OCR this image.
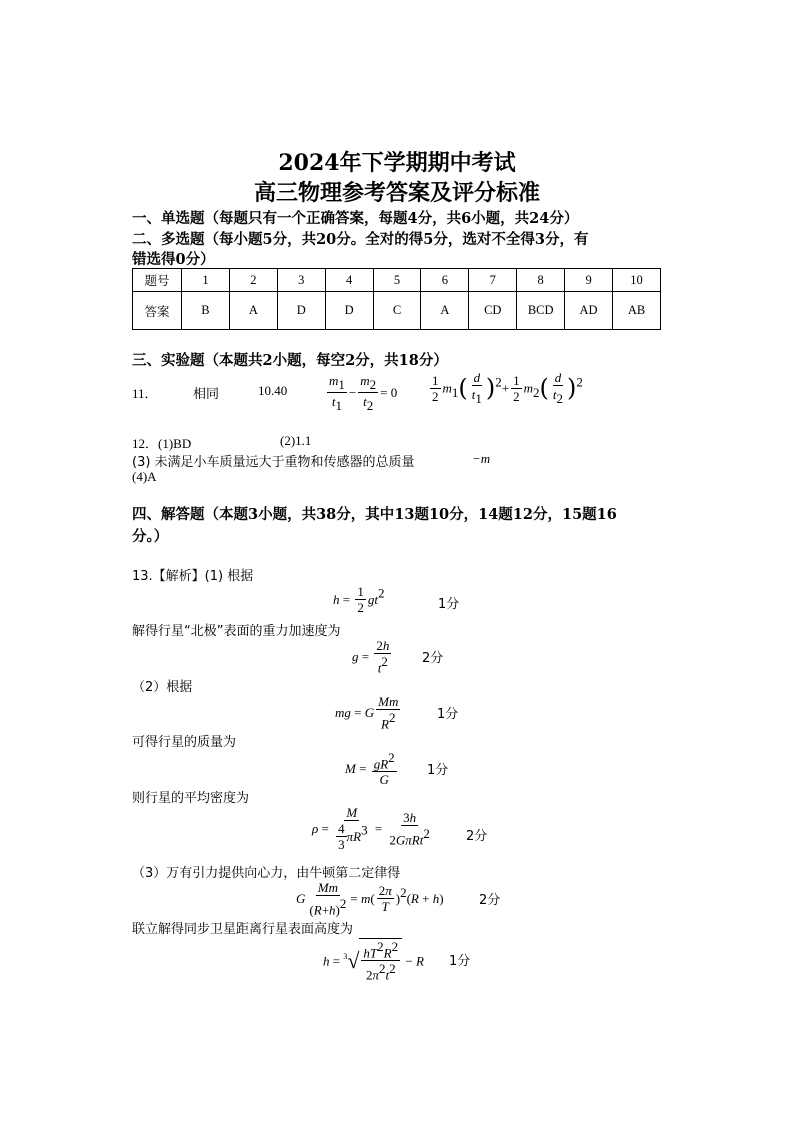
2024年下学期期中考试
高三物理参考答案及评分标准
一、单选题（每题只有一个正确答案，每题4分，共6小题，共24分）
二、多选题（每小题5分，共20分。全对的得5分，选对不全得3分，有
错选得0分）
题号	1	2	3	4	5	6	7	8	9	10
答案	B	A	D	D	C	A	CD	BCD	AD	AB
三、实验题（本题共2小题，每空2分，共18分）
11．	相同	10.40	$\frac{m_1}{t_1} - \frac{m_2}{t_2} = 0$	$\frac{1}{2} m_1( \frac{d}{t_1} )^2+ \frac{1}{2} m_2( \frac{d}{t_2} )^2$
12．(1)BD	(2)1.1
(3) 未满足小车质量远大于重物和传感器的总质量	−m
(4)A
四、解答题（本题3小题，共38分，其中13题10分，14题12分，15题16
分。）
13.【解析】(1) 根据
$h = \frac{1}{2} gt^2$
1分
解得行星“北极”表面的重力加速度为
$g = \frac{2h}{t^2} 2$分
（2）根据
mg = G $\frac{Mm}{R^2}$	1分
可得行星的质量为
$M = \frac{gR^2}{G} 1$分
则行星的平均密度为
$\rho = \frac{M}{\frac{4}{3} \pi R^3} = \frac{3h}{2G\pi Rt^2}$	2分
（3）万有引力提供向心力，由牛顿第二定律得
G $\frac{Mm}{(R+h)^2} = m( \frac{2\pi}{T} )^2(R + h)$	2分
联立解得同步卫星距离行星表面高度为
$h = ^3√ \frac{hT^2R^2}{2\pi^2t^2} - R$ 1分
